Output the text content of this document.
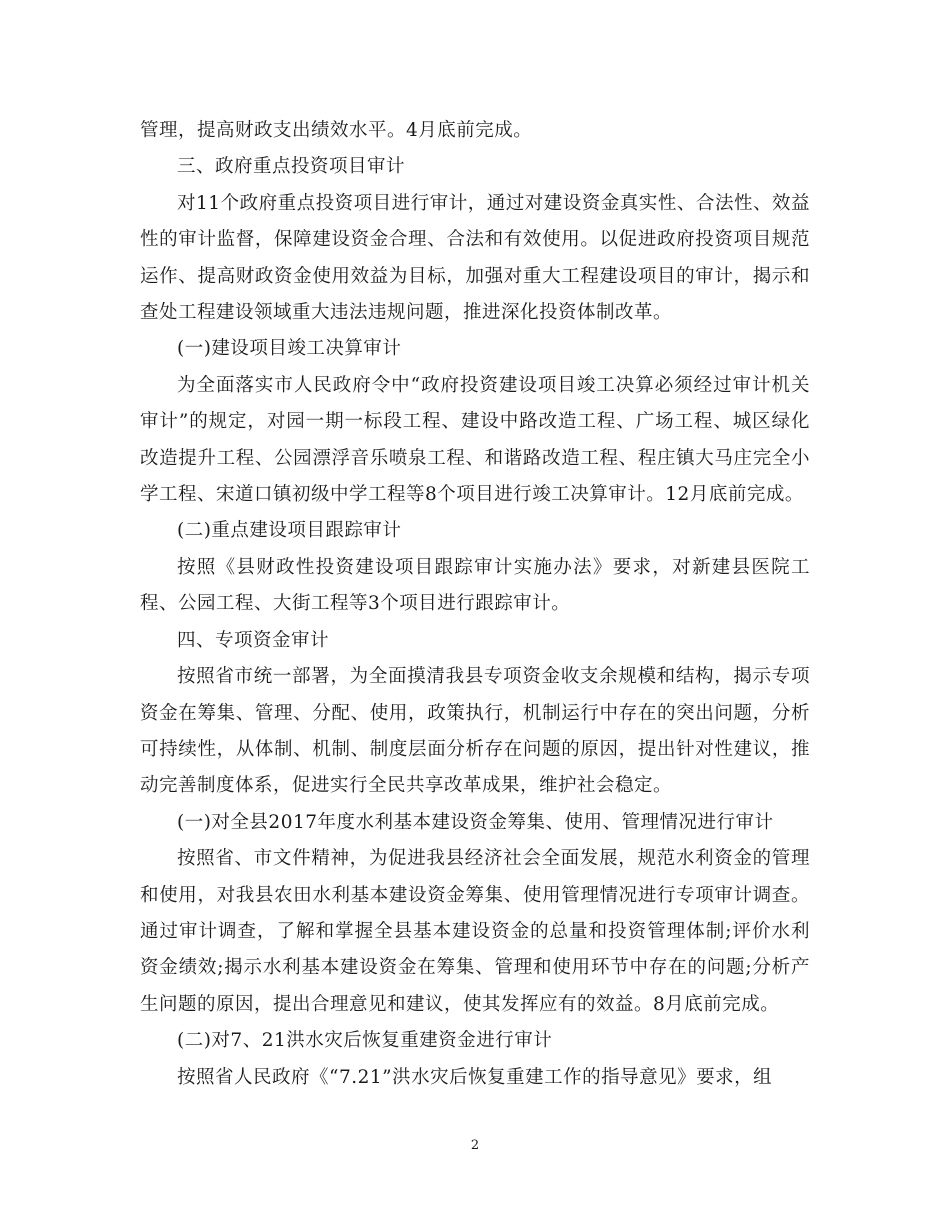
管理，提高财政支出绩效水平。4月底前完成。

三、政府重点投资项目审计

对11个政府重点投资项目进行审计，通过对建设资金真实性、合法性、效益性的审计监督，保障建设资金合理、合法和有效使用。以促进政府投资项目规范运作、提高财政资金使用效益为目标，加强对重大工程建设项目的审计，揭示和查处工程建设领域重大违法违规问题，推进深化投资体制改革。

(一)建设项目竣工决算审计

为全面落实市人民政府令中“政府投资建设项目竣工决算必须经过审计机关审计”的规定，对园一期一标段工程、建设中路改造工程、广场工程、城区绿化改造提升工程、公园漂浮音乐喷泉工程、和谐路改造工程、程庄镇大马庄完全小学工程、宋道口镇初级中学工程等8个项目进行竣工决算审计。12月底前完成。

(二)重点建设项目跟踪审计

按照《县财政性投资建设项目跟踪审计实施办法》要求，对新建县医院工程、公园工程、大街工程等3个项目进行跟踪审计。

四、专项资金审计

按照省市统一部署，为全面摸清我县专项资金收支余规模和结构，揭示专项资金在筹集、管理、分配、使用，政策执行，机制运行中存在的突出问题，分析可持续性，从体制、机制、制度层面分析存在问题的原因，提出针对性建议，推动完善制度体系，促进实行全民共享改革成果，维护社会稳定。

(一)对全县2017年度水利基本建设资金筹集、使用、管理情况进行审计

按照省、市文件精神，为促进我县经济社会全面发展，规范水利资金的管理和使用，对我县农田水利基本建设资金筹集、使用管理情况进行专项审计调查。通过审计调查，了解和掌握全县基本建设资金的总量和投资管理体制;评价水利资金绩效;揭示水利基本建设资金在筹集、管理和使用环节中存在的问题;分析产生问题的原因，提出合理意见和建议，使其发挥应有的效益。8月底前完成。

(二)对7、21洪水灾后恢复重建资金进行审计

按照省人民政府《“7.21”洪水灾后恢复重建工作的指导意见》要求，组

2
